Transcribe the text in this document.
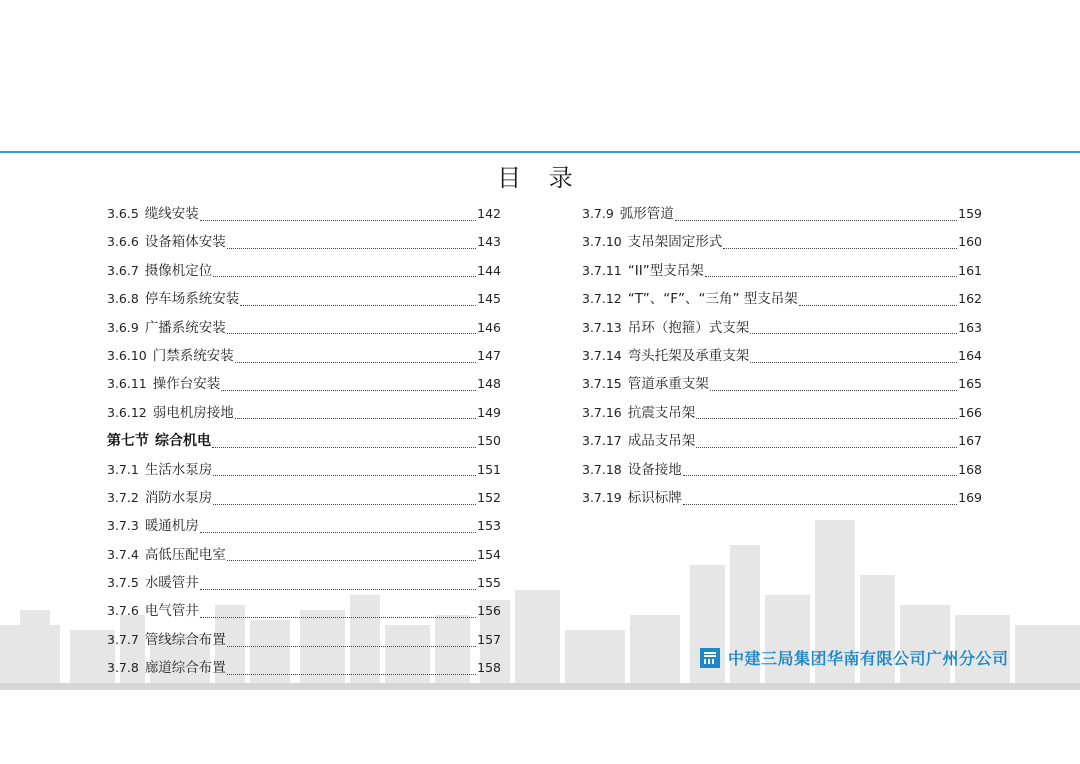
目 录
3.6.5 缆线安装	142
3.6.6 设备箱体安装	143
3.6.7 摄像机定位	144
3.6.8 停车场系统安装	145
3.6.9 广播系统安装	146
3.6.10 门禁系统安装	147
3.6.11 操作台安装	148
3.6.12 弱电机房接地	149
第七节 综合机电	150
3.7.1 生活水泵房	151
3.7.2 消防水泵房	152
3.7.3 暖通机房	153
3.7.4 高低压配电室	154
3.7.5 水暖管井	155
3.7.6 电气管井	156
3.7.7 管线综合布置	157
3.7.8 廊道综合布置	158
3.7.9 弧形管道	159
3.7.10 支吊架固定形式	160
3.7.11 “II”型支吊架	161
3.7.12 “T”、“F”、“三角” 型支吊架	162
3.7.13 吊环（抱箍）式支架	163
3.7.14 弯头托架及承重支架	164
3.7.15 管道承重支架	165
3.7.16 抗震支吊架	166
3.7.17 成品支吊架	167
3.7.18 设备接地	168
3.7.19 标识标牌	169
中建三局集团华南有限公司广州分公司
